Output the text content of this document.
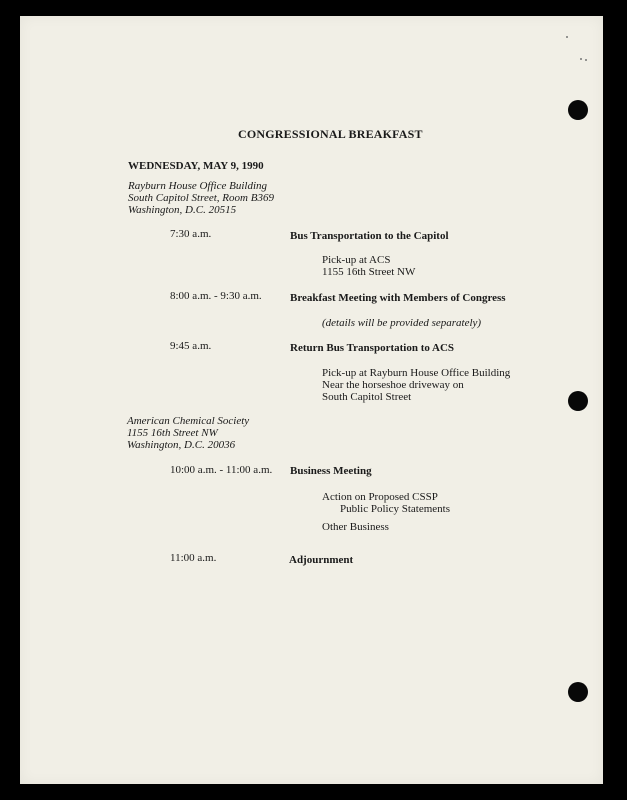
CONGRESSIONAL BREAKFAST
WEDNESDAY, MAY 9, 1990
Rayburn House Office Building
South Capitol Street, Room B369
Washington, D.C. 20515
7:30 a.m.	Bus Transportation to the Capitol
Pick-up at ACS
1155 16th Street NW
8:00 a.m. - 9:30 a.m.	Breakfast Meeting with Members of Congress
(details will be provided separately)
9:45 a.m.	Return Bus Transportation to ACS
Pick-up at Rayburn House Office Building
Near the horseshoe driveway on
South Capitol Street
American Chemical Society
1155 16th Street NW
Washington, D.C. 20036
10:00 a.m. - 11:00 a.m. Business Meeting
Action on Proposed CSSP
Public Policy Statements
Other Business
11:00 a.m.	Adjournment
